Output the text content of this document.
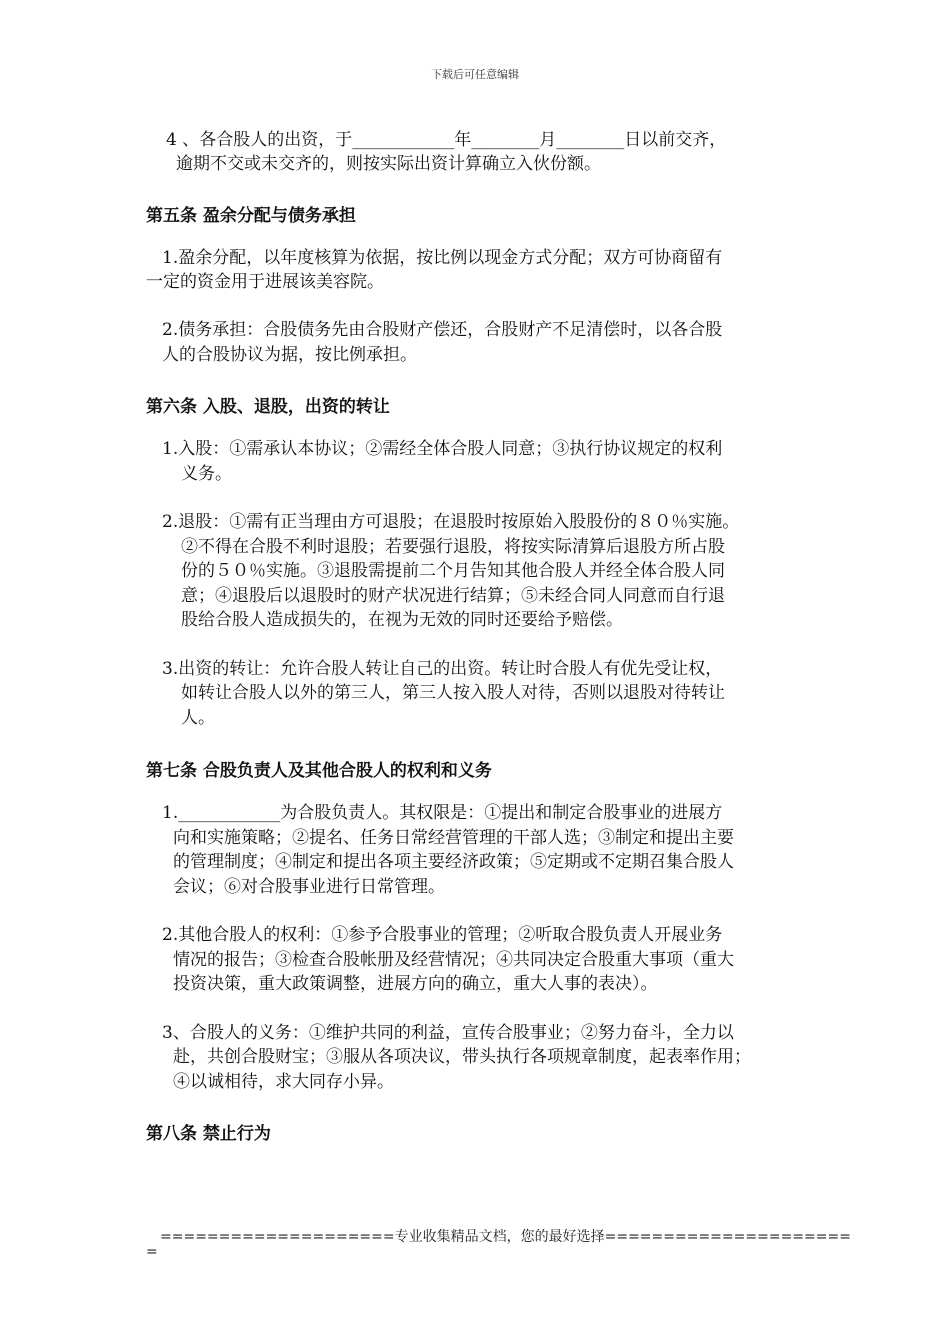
下载后可任意编辑
4 、各合股人的出资，于____________年________月________日以前交齐，
逾期不交或未交齐的，则按实际出资计算确立入伙份额。
第五条 盈余分配与债务承担
1.盈余分配，以年度核算为依据，按比例以现金方式分配；双方可协商留有
一定的资金用于进展该美容院。
2.债务承担：合股债务先由合股财产偿还，合股财产不足清偿时，以各合股
人的合股协议为据，按比例承担。
第六条 入股、退股，出资的转让
1.入股：①需承认本协议；②需经全体合股人同意；③执行协议规定的权利
义务。
2.退股：①需有正当理由方可退股；在退股时按原始入股股份的８０％实施。
②不得在合股不利时退股；若要强行退股，将按实际清算后退股方所占股
份的５０％实施。③退股需提前二个月告知其他合股人并经全体合股人同
意；④退股后以退股时的财产状况进行结算；⑤未经合同人同意而自行退
股给合股人造成损失的，在视为无效的同时还要给予赔偿。
3.出资的转让：允许合股人转让自己的出资。转让时合股人有优先受让权，
如转让合股人以外的第三人，第三人按入股人对待，否则以退股对待转让
人。
第七条 合股负责人及其他合股人的权利和义务
1.____________为合股负责人。其权限是：①提出和制定合股事业的进展方
向和实施策略；②提名、任务日常经营管理的干部人选；③制定和提出主要
的管理制度；④制定和提出各项主要经济政策；⑤定期或不定期召集合股人
会议；⑥对合股事业进行日常管理。
2.其他合股人的权利：①参予合股事业的管理；②听取合股负责人开展业务
情况的报告；③检查合股帐册及经营情况；④共同决定合股重大事项（重大
投资决策，重大政策调整，进展方向的确立，重大人事的表决）。
3、合股人的义务：①维护共同的利益，宣传合股事业；②努力奋斗，全力以
赴，共创合股财宝；③服从各项决议，带头执行各项规章制度，起表率作用；
④以诚相待，求大同存小异。
第八条 禁止行为
====================专业收集精品文档，您的最好选择=====================
=
